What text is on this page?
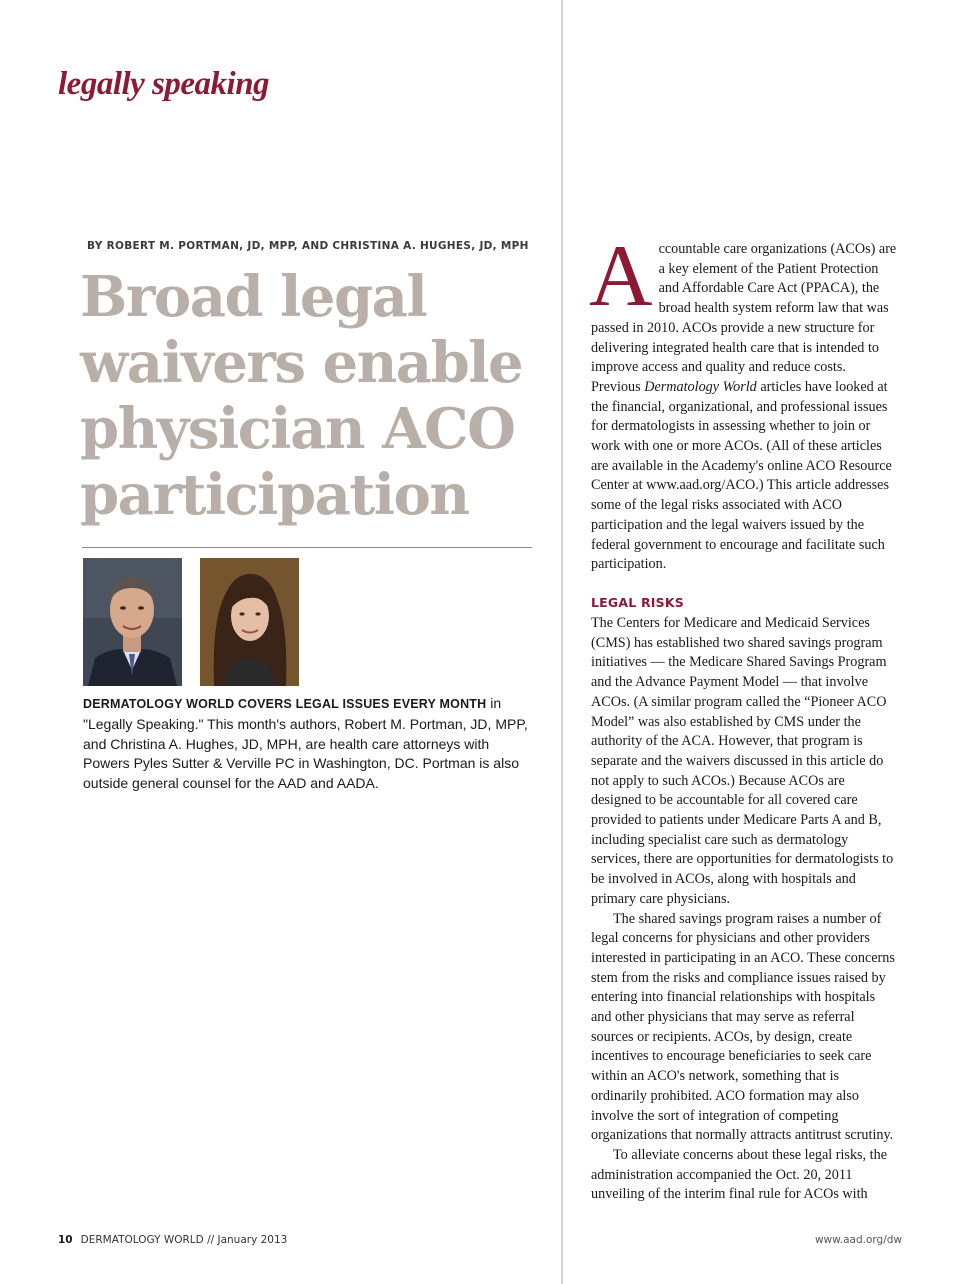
legally speaking
BY ROBERT M. PORTMAN, JD, MPP, AND CHRISTINA A. HUGHES, JD, MPH
Broad legal waivers enable physician ACO participation
DERMATOLOGY WORLD COVERS LEGAL ISSUES EVERY MONTH in "Legally Speaking." This month's authors, Robert M. Portman, JD, MPP, and Christina A. Hughes, JD, MPH, are health care attorneys with Powers Pyles Sutter & Verville PC in Washington, DC. Portman is also outside general counsel for the AAD and AADA.

Accountable care organizations (ACOs) are a key element of the Patient Protection and Affordable Care Act (PPACA), the broad health system reform law that was passed in 2010. ACOs provide a new structure for delivering integrated health care that is intended to improve access and quality and reduce costs. Previous Dermatology World articles have looked at the financial, organizational, and professional issues for dermatologists in assessing whether to join or work with one or more ACOs. (All of these articles are available in the Academy's online ACO Resource Center at www.aad.org/ACO.) This article addresses some of the legal risks associated with ACO participation and the legal waivers issued by the federal government to encourage and facilitate such participation.

LEGAL RISKS

The Centers for Medicare and Medicaid Services (CMS) has established two shared savings program initiatives — the Medicare Shared Savings Program and the Advance Payment Model — that involve ACOs. (A similar program called the “Pioneer ACO Model” was also established by CMS under the authority of the ACA. However, that program is separate and the waivers discussed in this article do not apply to such ACOs.) Because ACOs are designed to be accountable for all covered care provided to patients under Medicare Parts A and B, including specialist care such as dermatology services, there are opportunities for dermatologists to be involved in ACOs, along with hospitals and primary care physicians.

The shared savings program raises a number of legal concerns for physicians and other providers interested in participating in an ACO. These concerns stem from the risks and compliance issues raised by entering into financial relationships with hospitals and other physicians that may serve as referral sources or recipients. ACOs, by design, create incentives to encourage beneficiaries to seek care within an ACO's network, something that is ordinarily prohibited. ACO formation may also involve the sort of integration of competing organizations that normally attracts antitrust scrutiny.

To alleviate concerns about these legal risks, the administration accompanied the Oct. 20, 2011 unveiling of the interim final rule for ACOs with

10 DERMATOLOGY WORLD // January 2013	www.aad.org/dw
